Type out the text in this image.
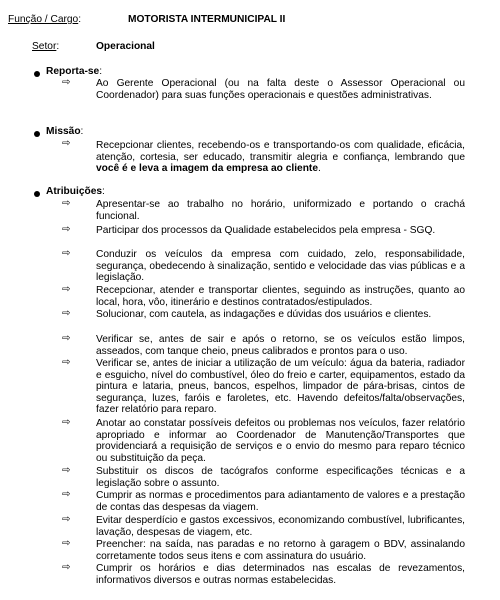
Função / Cargo:	MOTORISTA INTERMUNICIPAL II
Setor:	Operacional
Reporta-se:
⇨	Ao Gerente Operacional (ou na falta deste o Assessor Operacional ou Coordenador) para suas funções operacionais e questões administrativas.
Missão:
⇨	Recepcionar clientes, recebendo-os e transportando-os com qualidade, eficácia, atenção, cortesia, ser educado, transmitir alegria e confiança, lembrando que você é e leva a imagem da empresa ao cliente.
Atribuições:
⇨	Apresentar-se ao trabalho no horário, uniformizado e portando o crachá funcional.
⇨	Participar dos processos da Qualidade estabelecidos pela empresa - SGQ.
⇨	Conduzir os veículos da empresa com cuidado, zelo, responsabilidade, segurança, obedecendo à sinalização, sentido e velocidade das vias públicas e a legislação.
⇨	Recepcionar, atender e transportar clientes, seguindo as instruções, quanto ao local, hora, vôo, itinerário e destinos contratados/estipulados.
⇨	Solucionar, com cautela, as indagações e dúvidas dos usuários e clientes.
⇨	Verificar se, antes de sair e após o retorno, se os veículos estão limpos, asseados, com tanque cheio, pneus calibrados e prontos para o uso.
⇨	Verificar se, antes de iniciar a utilização de um veículo: água da bateria, radiador e esguicho, nível do combustível, óleo do freio e carter, equipamentos, estado da pintura e lataria, pneus, bancos, espelhos, limpador de pára-brisas, cintos de segurança, luzes, faróis e faroletes, etc. Havendo defeitos/falta/observações, fazer relatório para reparo.
⇨	Anotar ao constatar possíveis defeitos ou problemas nos veículos, fazer relatório apropriado e informar ao Coordenador de Manutenção/Transportes que providenciará a requisição de serviços e o envio do mesmo para reparo técnico ou substituição da peça.
⇨	Substituir os discos de tacógrafos conforme especificações técnicas e a legislação sobre o assunto.
⇨	Cumprir as normas e procedimentos para adiantamento de valores e a prestação de contas das despesas da viagem.
⇨	Evitar desperdício e gastos excessivos, economizando combustível, lubrificantes, lavação, despesas de viagem, etc.
⇨	Preencher: na saída, nas paradas e no retorno à garagem o BDV, assinalando corretamente todos seus itens e com assinatura do usuário.
⇨	Cumprir os horários e dias determinados nas escalas de revezamentos, informativos diversos e outras normas estabelecidas.
